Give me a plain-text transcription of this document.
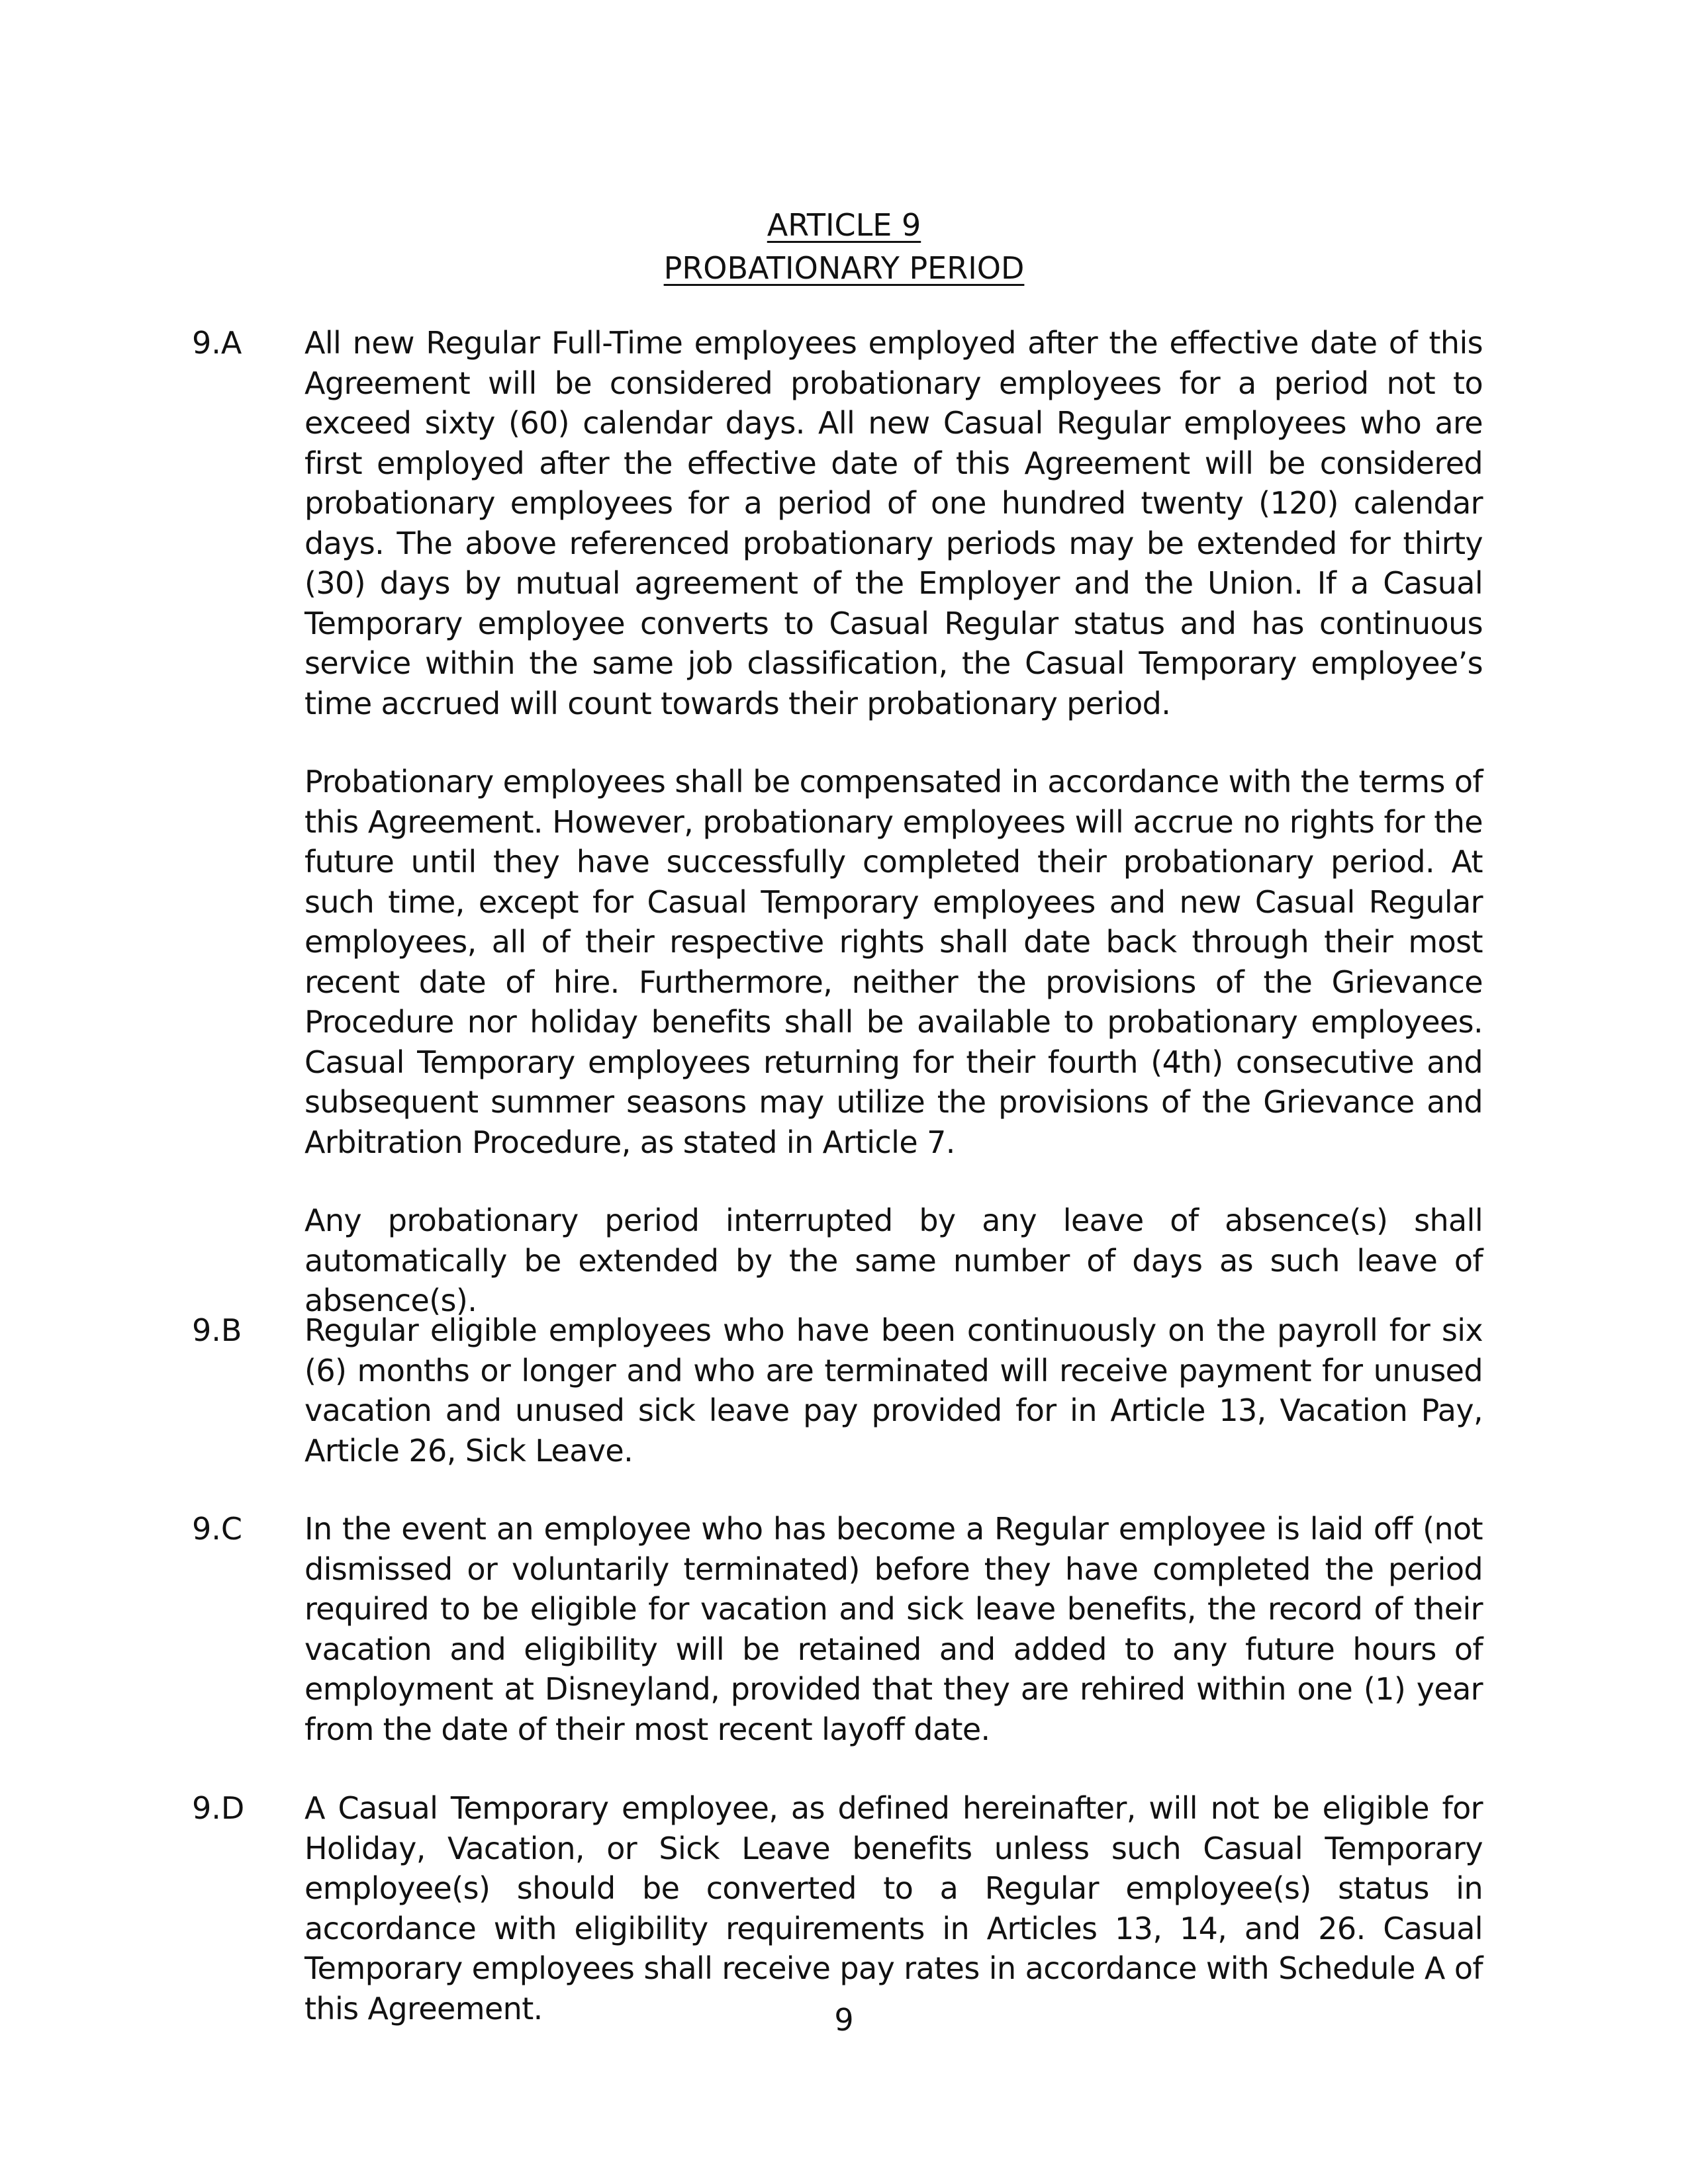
ARTICLE 9
PROBATIONARY PERIOD
9.A All new Regular Full-Time employees employed after the effective date of this Agreement will be considered probationary employees for a period not to exceed sixty (60) calendar days. All new Casual Regular employees who are first employed after the effective date of this Agreement will be considered probationary employees for a period of one hundred twenty (120) calendar days. The above referenced probationary periods may be extended for thirty (30) days by mutual agreement of the Employer and the Union. If a Casual Temporary employee converts to Casual Regular status and has continuous service within the same job classification, the Casual Temporary employee’s time accrued will count towards their probationary period.

Probationary employees shall be compensated in accordance with the terms of this Agreement. However, probationary employees will accrue no rights for the future until they have successfully completed their probationary period. At such time, except for Casual Temporary employees and new Casual Regular employees, all of their respective rights shall date back through their most recent date of hire. Furthermore, neither the provisions of the Grievance Procedure nor holiday benefits shall be available to probationary employees. Casual Temporary employees returning for their fourth (4th) consecutive and subsequent summer seasons may utilize the provisions of the Grievance and Arbitration Procedure, as stated in Article 7.

Any probationary period interrupted by any leave of absence(s) shall automatically be extended by the same number of days as such leave of absence(s).

9.B Regular eligible employees who have been continuously on the payroll for six (6) months or longer and who are terminated will receive payment for unused vacation and unused sick leave pay provided for in Article 13, Vacation Pay, Article 26, Sick Leave.

9.C In the event an employee who has become a Regular employee is laid off (not dismissed or voluntarily terminated) before they have completed the period required to be eligible for vacation and sick leave benefits, the record of their vacation and eligibility will be retained and added to any future hours of employment at Disneyland, provided that they are rehired within one (1) year from the date of their most recent layoff date.

9.D A Casual Temporary employee, as defined hereinafter, will not be eligible for Holiday, Vacation, or Sick Leave benefits unless such Casual Temporary employee(s) should be converted to a Regular employee(s) status in accordance with eligibility requirements in Articles 13, 14, and 26. Casual Temporary employees shall receive pay rates in accordance with Schedule A of this Agreement.	9
